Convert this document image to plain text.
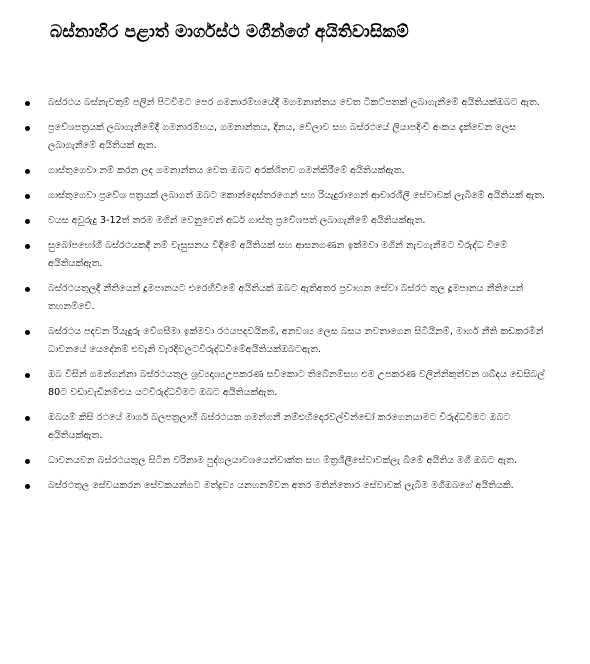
බස්නාහිර පළාත් මාර්ගස්ථ මගීන්ගේ අයිතිවාසිකම්
බස්රථය බස්නැවතුම් පලින් පිටවීමට පෙර ගමනාරම්භයේදී මගමනාන්තය වෙත ටිකට්පතක් ලබාගැනීමේ අයිතියක්ඔබට ඇත.
ප්‍රවේශපත්‍රයක් ලබාගැනීමේදී ගමනාරම්භය, ගමනාන්තය, දිනය, වේලාව සහ බස්රථයේ ලියාපදිංචි අංකය දැක්වෙන ලෙස ලබාගැනීමේ අයිතියක් ඇත.
ගාස්තුගෙවා නම් කරන ලද ගමනාන්තය වෙත ඔබට අරක්ශිතව ගමන්කිරීමේ අයිතියක්ඇත.
ගාස්තුගෙවා ප්‍රවේශ පත්‍රයක් ලබාගත් ඔබට කොන්දොස්තරගෙන් සහ රියැදුරාගෙන් ආචාරශීලී සේවාවක් ලැබීමේ අයිතියක් ඇත.
වයස අවුරුදු 3-12ත් තරම මගින් වෙනුවෙන් අර්ධ ගාස්තු ප්‍රවේශපත් ලබාගැනීමේ අයිතියක්ඇත.
සුබෝපභෝගී බස්රථයකදී නම් වැසුසනය විදීමේ අයිතියක් සහ ආසනගණන ඉක්මවා මගින් නැවගැනීමට විරුද්ධ වීමේ අයිතියක්ඇත.
බස්රථයතුලදී නීතියෙන් දූමපානයට එරෙහිවීමේ අයිතියක් ඔබට ඇතිඅතර ප්‍රවාහන සේවා බස්රථ තුල දූමපානය නීතියෙන් තහනම්වේ.
බස්රථය පදවන රියැදුරු වේගසීමා ඉක්මවා රථයපදවයිනම්, අනවශ්‍ය ලෙස බසය නවතාගෙන සිටියිනම්, මාර්ග නීති කඩකරමින් ධාවනයේ යෙදේනම් එවැනි වැරදිවලටවිරුද්ධවීමේඅයිතියක්ඔබටඇත.
ඔබ විසින් ගමන්ගන්නා බස්රථයතුල ශ්‍රව්‍යදෘශ්‍යඋපකරණ සවිකොට තිබේනම්සහ එම උපකරණ වලින්නිකුත්වන ශබ්දය ඩෙසිබල් 80ට වඩාවැඩිනම්එය යටවිරුද්ධවීමට ඔබට අයිතියක්ඇත.
ඔබයම් කිසි රථයේ මාර්ග බලපත්‍රලාභී බස්රථයක ගමන්ගනී නම්එහිදොරවල්වින්ඩෝ කරගෙනයාමට විරුද්ධවීමට ඔබට අයිතියක්ඇත.
ධාවනයවන බස්රථයතුල සිටින වරිනාම පුද්ගලයාවශයෙන්වාක්ත සහ මිත්‍රශීලීසේවාවක්ලැ බීමේ අයිතිය මගී ඔබට ඇත.
බස්රථතුල සේවයකරන සේවකයන්ගට මත්ද්‍රව්‍ය යනහනම්වන අතර මතින්තොර සේවාවක් ලැබීම මගීඔබගේ අයිතියකි.
